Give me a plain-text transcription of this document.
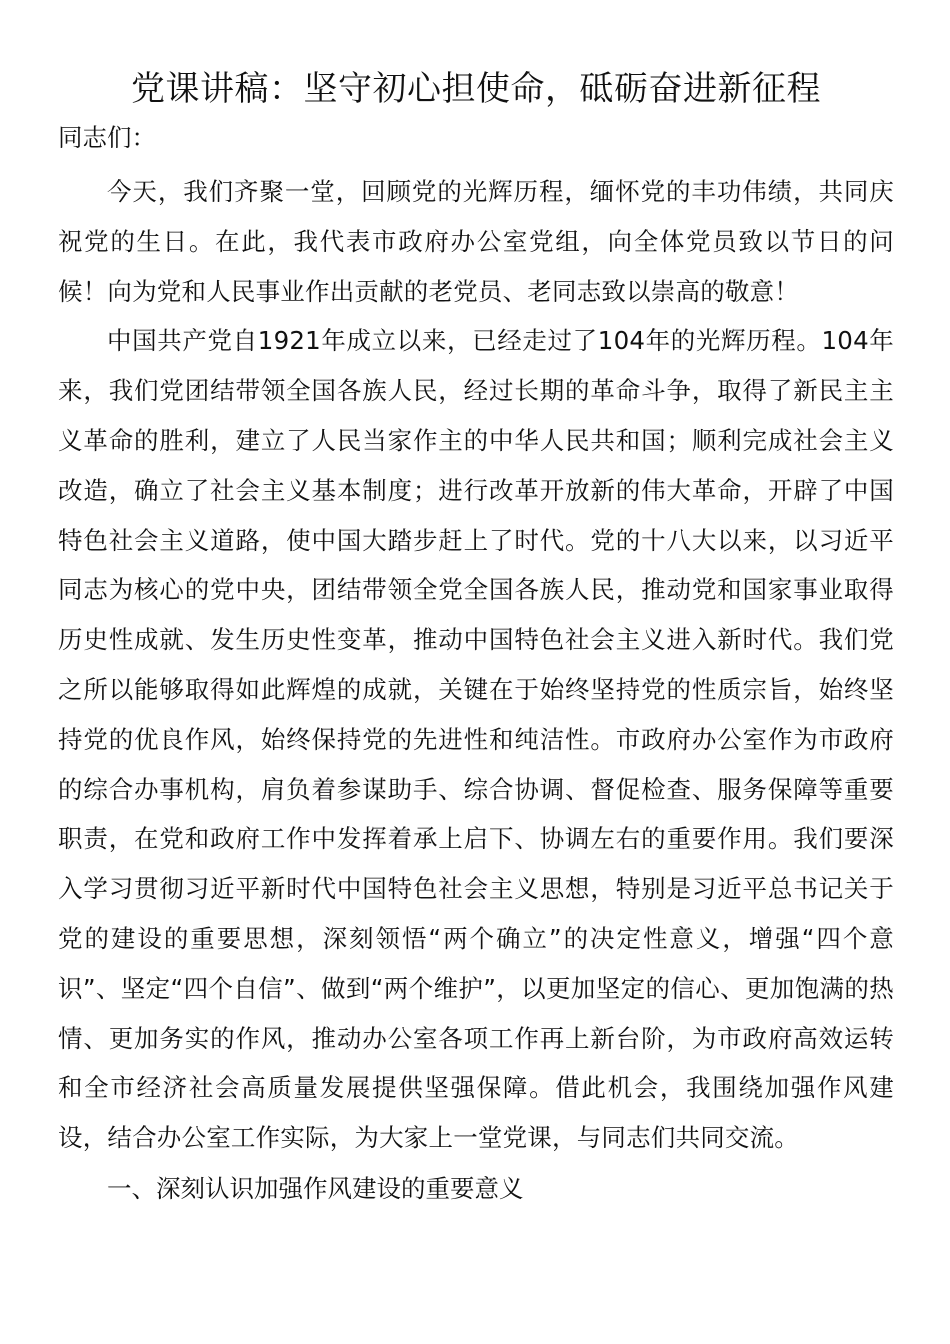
党课讲稿：坚守初心担使命，砥砺奋进新征程

同志们：

今天，我们齐聚一堂，回顾党的光辉历程，缅怀党的丰功伟绩，共同庆祝党的生日。在此，我代表市政府办公室党组，向全体党员致以节日的问候！向为党和人民事业作出贡献的老党员、老同志致以崇高的敬意！

中国共产党自1921年成立以来，已经走过了104年的光辉历程。104年来，我们党团结带领全国各族人民，经过长期的革命斗争，取得了新民主主义革命的胜利，建立了人民当家作主的中华人民共和国；顺利完成社会主义改造，确立了社会主义基本制度；进行改革开放新的伟大革命，开辟了中国特色社会主义道路，使中国大踏步赶上了时代。党的十八大以来，以习近平同志为核心的党中央，团结带领全党全国各族人民，推动党和国家事业取得历史性成就、发生历史性变革，推动中国特色社会主义进入新时代。我们党之所以能够取得如此辉煌的成就，关键在于始终坚持党的性质宗旨，始终坚持党的优良作风，始终保持党的先进性和纯洁性。市政府办公室作为市政府的综合办事机构，肩负着参谋助手、综合协调、督促检查、服务保障等重要职责，在党和政府工作中发挥着承上启下、协调左右的重要作用。我们要深入学习贯彻习近平新时代中国特色社会主义思想，特别是习近平总书记关于党的建设的重要思想，深刻领悟“两个确立”的决定性意义，增强“四个意识”、坚定“四个自信”、做到“两个维护”，以更加坚定的信心、更加饱满的热情、更加务实的作风，推动办公室各项工作再上新台阶，为市政府高效运转和全市经济社会高质量发展提供坚强保障。借此机会，我围绕加强作风建设，结合办公室工作实际，为大家上一堂党课，与同志们共同交流。

一、深刻认识加强作风建设的重要意义
